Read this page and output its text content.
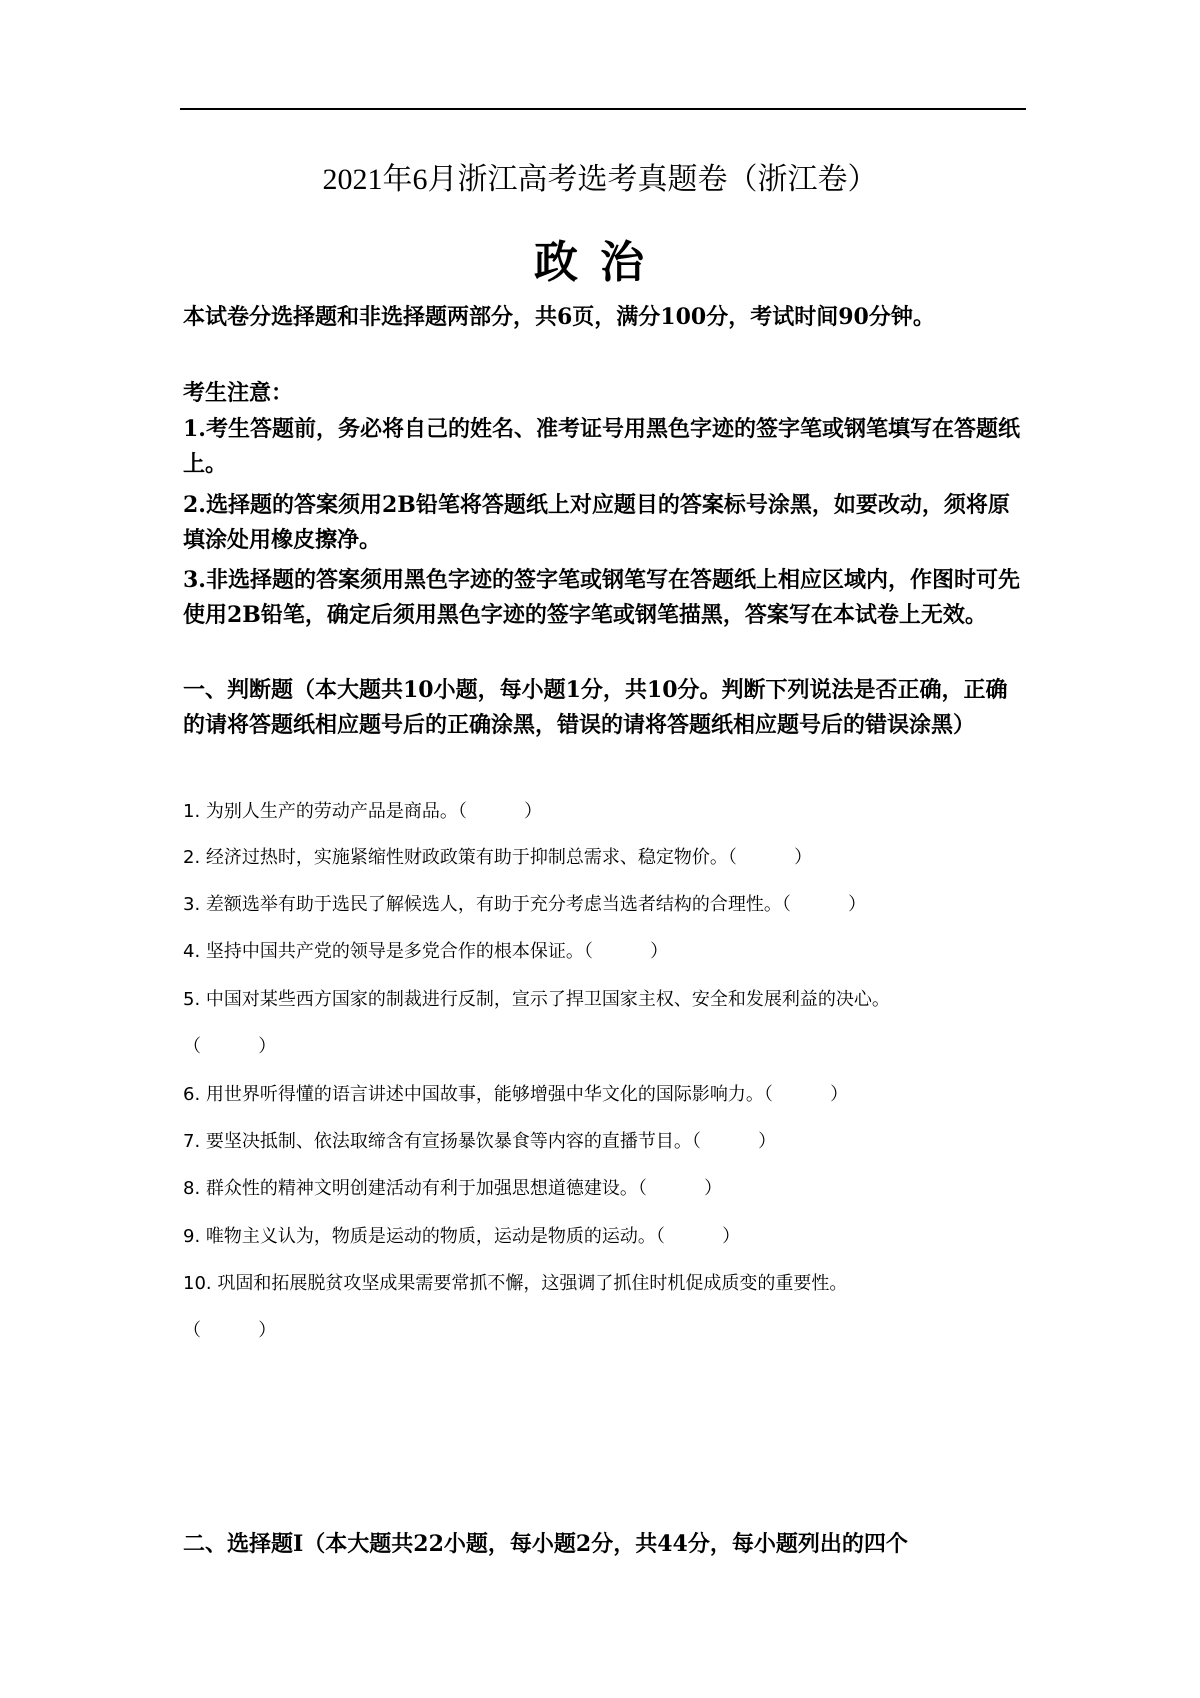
2021年6月浙江高考选考真题卷（浙江卷）
政治
本试卷分选择题和非选择题两部分，共6页，满分100分，考试时间90分钟。
考生注意：
1.考生答题前，务必将自己的姓名、准考证号用黑色字迹的签字笔或钢笔填写在答题纸上。
2.选择题的答案须用2B铅笔将答题纸上对应题目的答案标号涂黑，如要改动，须将原填涂处用橡皮擦净。
3.非选择题的答案须用黑色字迹的签字笔或钢笔写在答题纸上相应区域内，作图时可先使用2B铅笔，确定后须用黑色字迹的签字笔或钢笔描黑，答案写在本试卷上无效。
一、判断题（本大题共10小题，每小题1分，共10分。判断下列说法是否正确，正确的请将答题纸相应题号后的正确涂黑，错误的请将答题纸相应题号后的错误涂黑）
1. 为别人生产的劳动产品是商品。（          ）
2. 经济过热时，实施紧缩性财政政策有助于抑制总需求、稳定物价。（          ）
3. 差额选举有助于选民了解候选人，有助于充分考虑当选者结构的合理性。（          ）
4. 坚持中国共产党的领导是多党合作的根本保证。（          ）
5. 中国对某些西方国家的制裁进行反制，宣示了捍卫国家主权、安全和发展利益的决心。
（          ）
6. 用世界听得懂的语言讲述中国故事，能够增强中华文化的国际影响力。（          ）
7. 要坚决抵制、依法取缔含有宣扬暴饮暴食等内容的直播节目。（          ）
8. 群众性的精神文明创建活动有利于加强思想道德建设。（          ）
9. 唯物主义认为，物质是运动的物质，运动是物质的运动。（          ）
10. 巩固和拓展脱贫攻坚成果需要常抓不懈，这强调了抓住时机促成质变的重要性。
（          ）
二、选择题Ⅰ（本大题共22小题，每小题2分，共44分，每小题列出的四个
